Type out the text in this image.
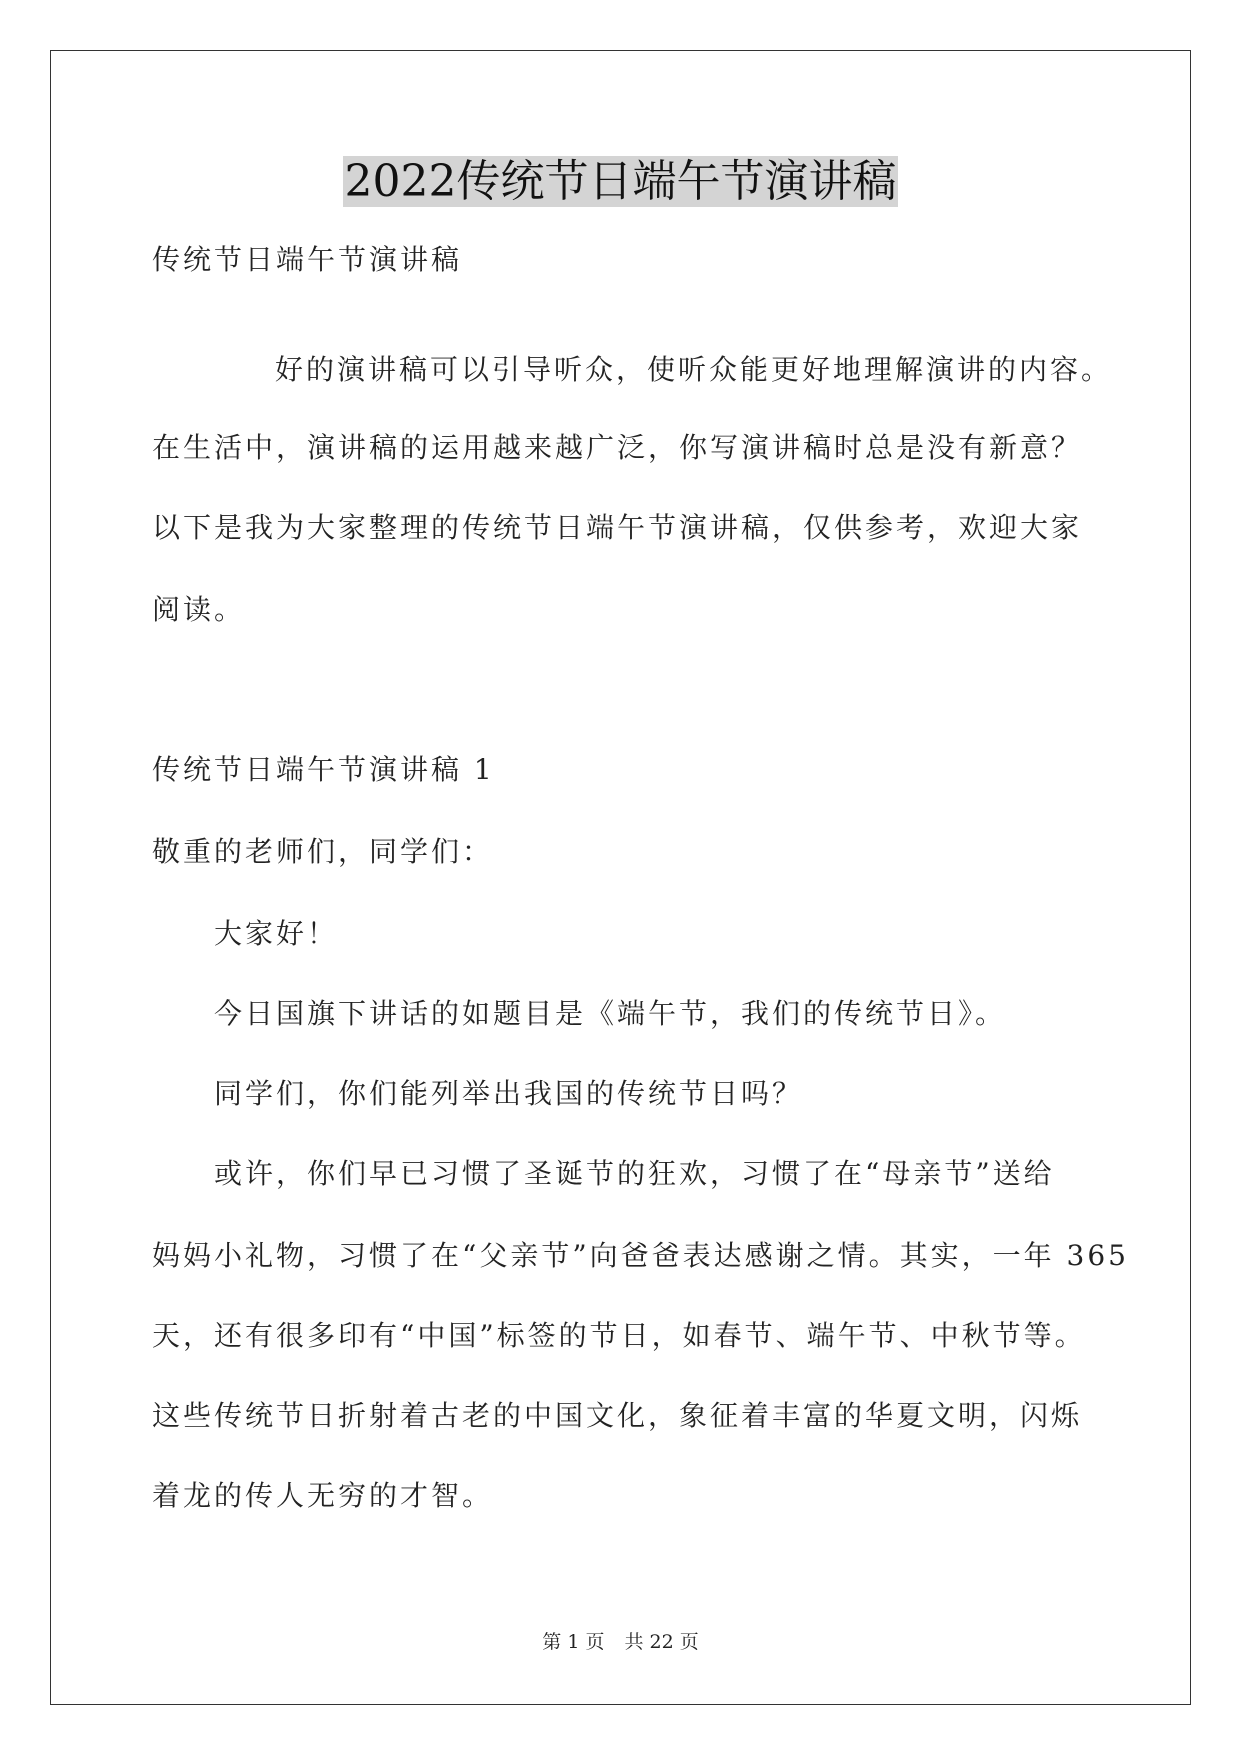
2022传统节日端午节演讲稿
传统节日端午节演讲稿
好的演讲稿可以引导听众，使听众能更好地理解演讲的内容。
在生活中，演讲稿的运用越来越广泛，你写演讲稿时总是没有新意？
以下是我为大家整理的传统节日端午节演讲稿，仅供参考，欢迎大家
阅读。
传统节日端午节演讲稿 1
敬重的老师们，同学们：
大家好！
今日国旗下讲话的如题目是《端午节，我们的传统节日》。
同学们，你们能列举出我国的传统节日吗？
或许，你们早已习惯了圣诞节的狂欢，习惯了在“母亲节”送给
妈妈小礼物，习惯了在“父亲节”向爸爸表达感谢之情。其实，一年 365
天，还有很多印有“中国”标签的节日，如春节、端午节、中秋节等。
这些传统节日折射着古老的中国文化，象征着丰富的华夏文明，闪烁
着龙的传人无穷的才智。
第 1 页 共 22 页
